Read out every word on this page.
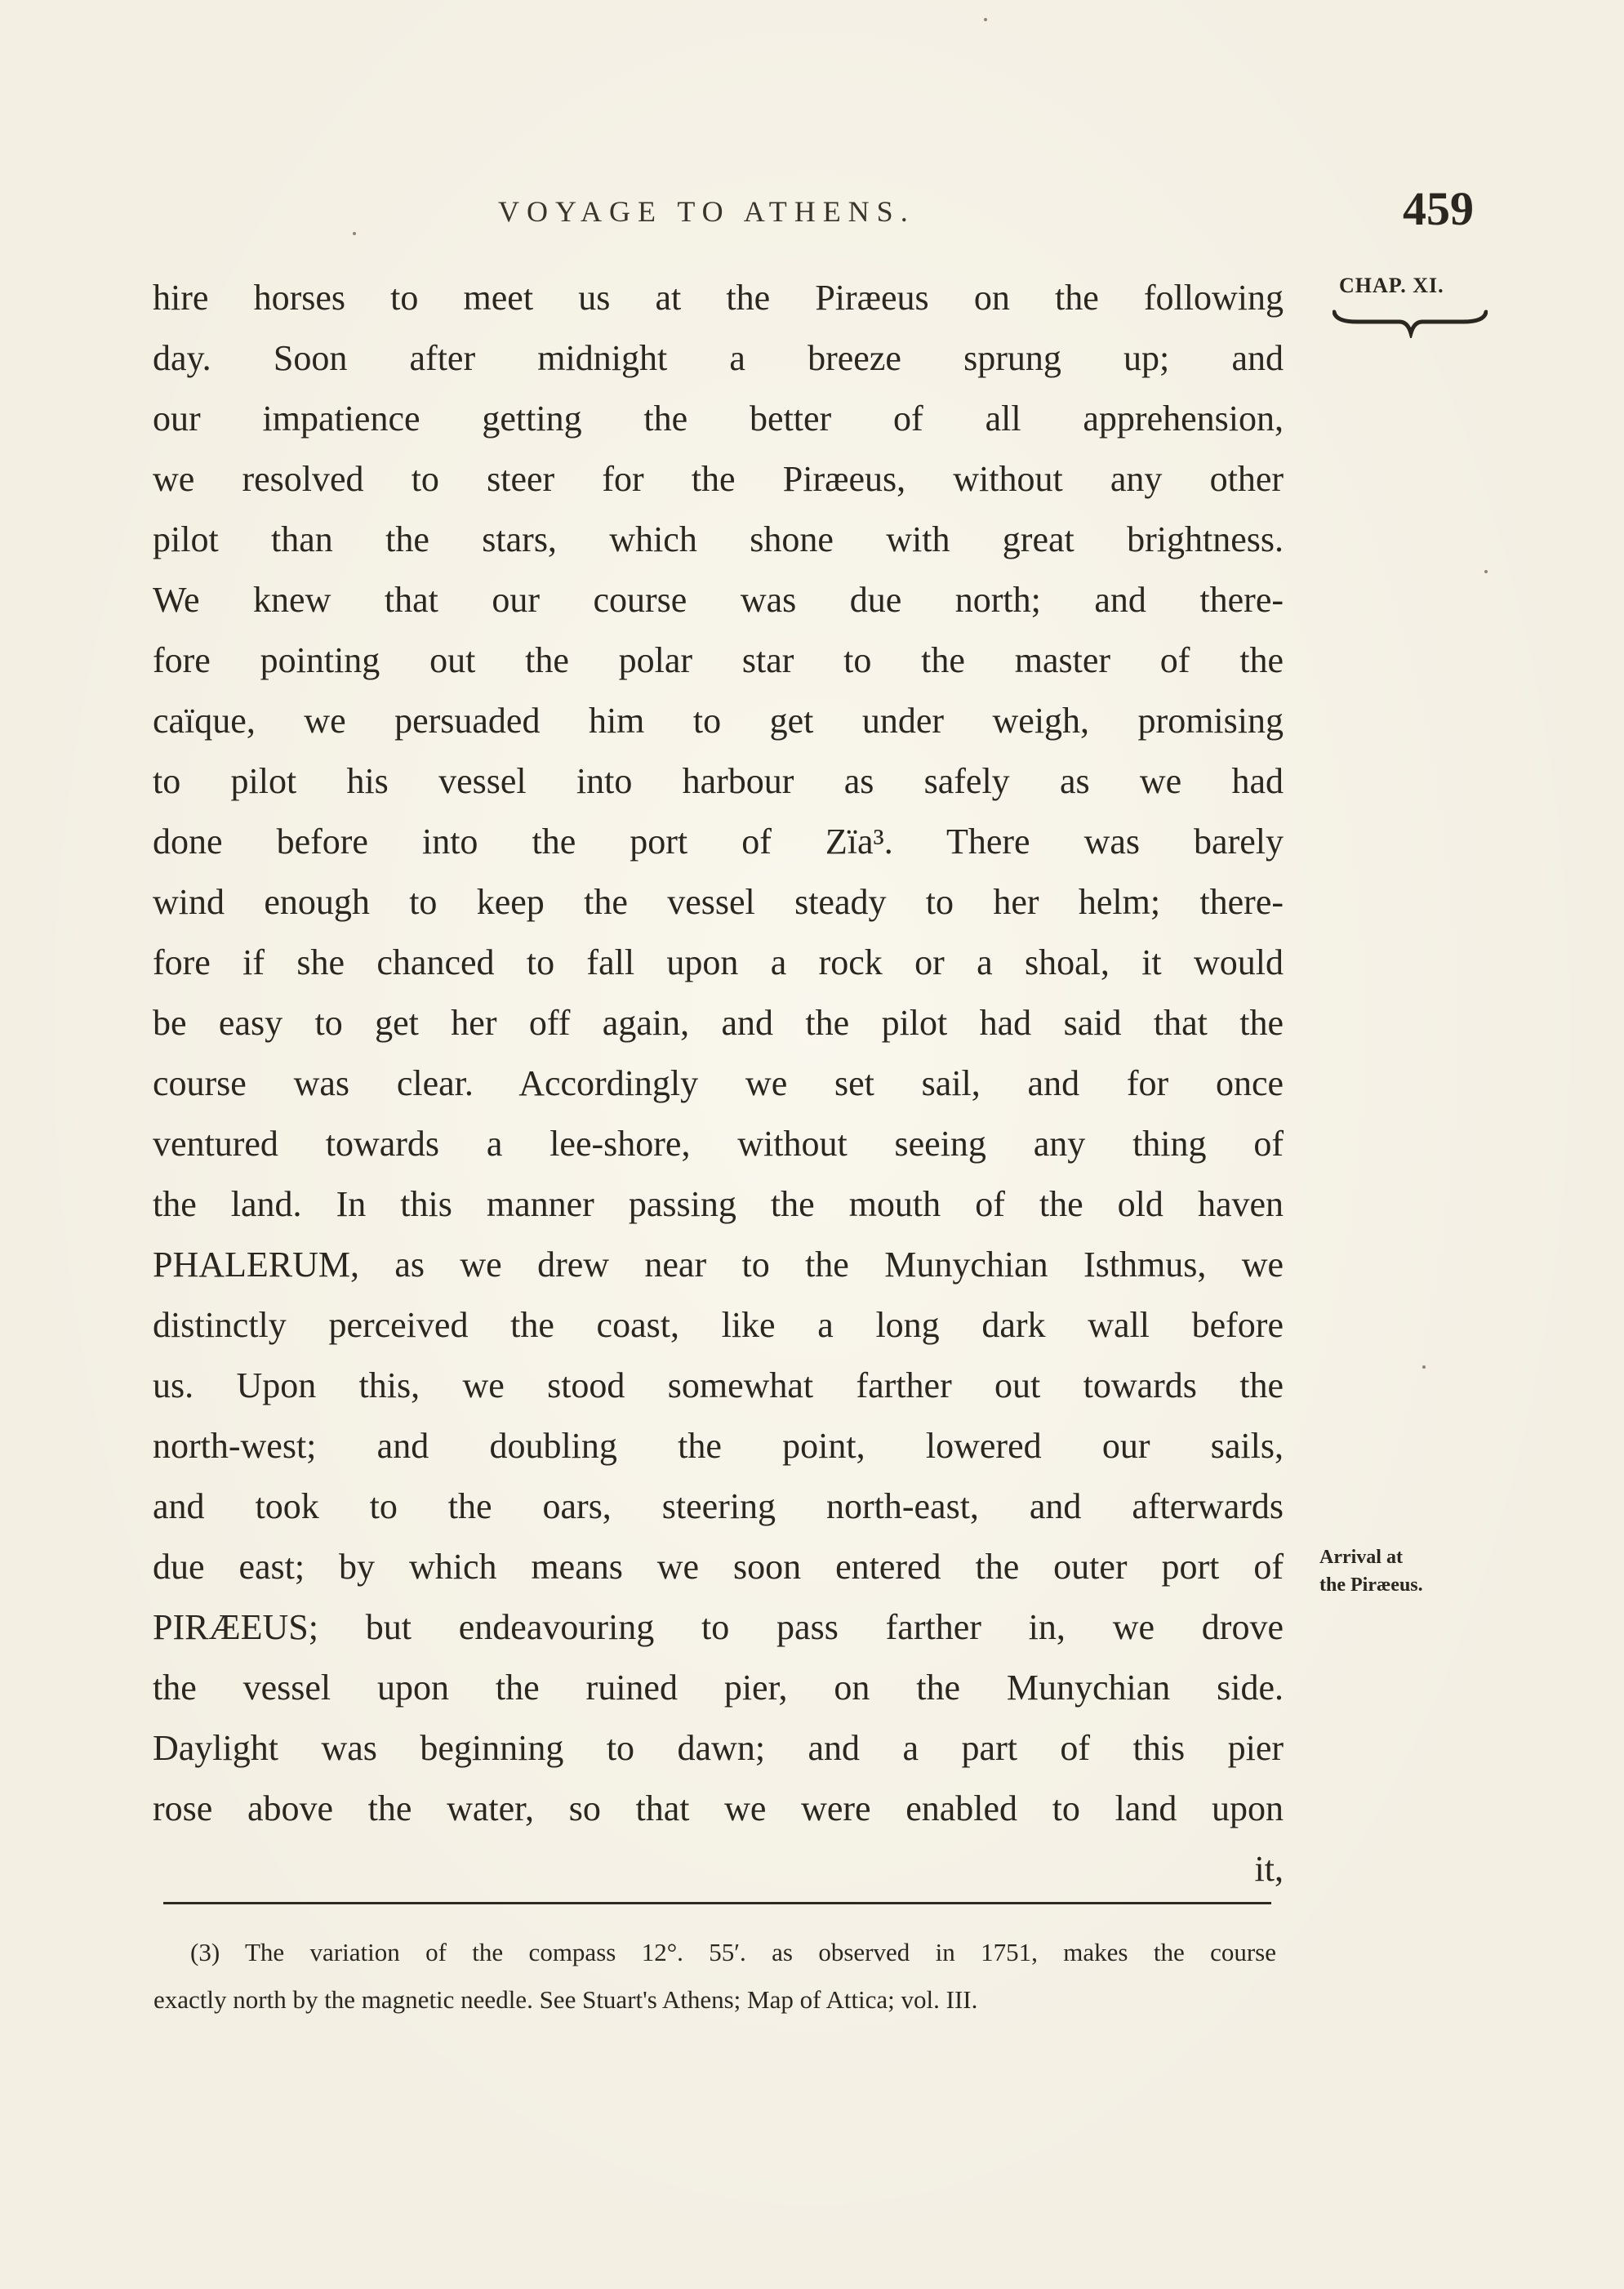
VOYAGE TO ATHENS.	459
CHAP. XI.
hire horses to meet us at the Piræeus on the following
day. Soon after midnight a breeze sprung up; and
our impatience getting the better of all apprehension,
we resolved to steer for the Piræeus, without any other
pilot than the stars, which shone with great brightness.
We knew that our course was due north; and there-
fore pointing out the polar star to the master of the
caïque, we persuaded him to get under weigh, promising
to pilot his vessel into harbour as safely as we had
done before into the port of Zïa³. There was barely
wind enough to keep the vessel steady to her helm; there-
fore if she chanced to fall upon a rock or a shoal, it would
be easy to get her off again, and the pilot had said that the
course was clear. Accordingly we set sail, and for once
ventured towards a lee-shore, without seeing any thing of
the land. In this manner passing the mouth of the old haven
PHALERUM, as we drew near to the Munychian Isthmus, we
distinctly perceived the coast, like a long dark wall before
us. Upon this, we stood somewhat farther out towards the
north-west; and doubling the point, lowered our sails,
and took to the oars, steering north-east, and afterwards
due east; by which means we soon entered the outer port of
PIRÆEUS; but endeavouring to pass farther in, we drove
the vessel upon the ruined pier, on the Munychian side.
Daylight was beginning to dawn; and a part of this pier
rose above the water, so that we were enabled to land upon
it,
Arrival at
the Piræeus.
(3) The variation of the compass 12°. 55′. as observed in 1751, makes the course
exactly north by the magnetic needle. See Stuart's Athens; Map of Attica; vol. III.
